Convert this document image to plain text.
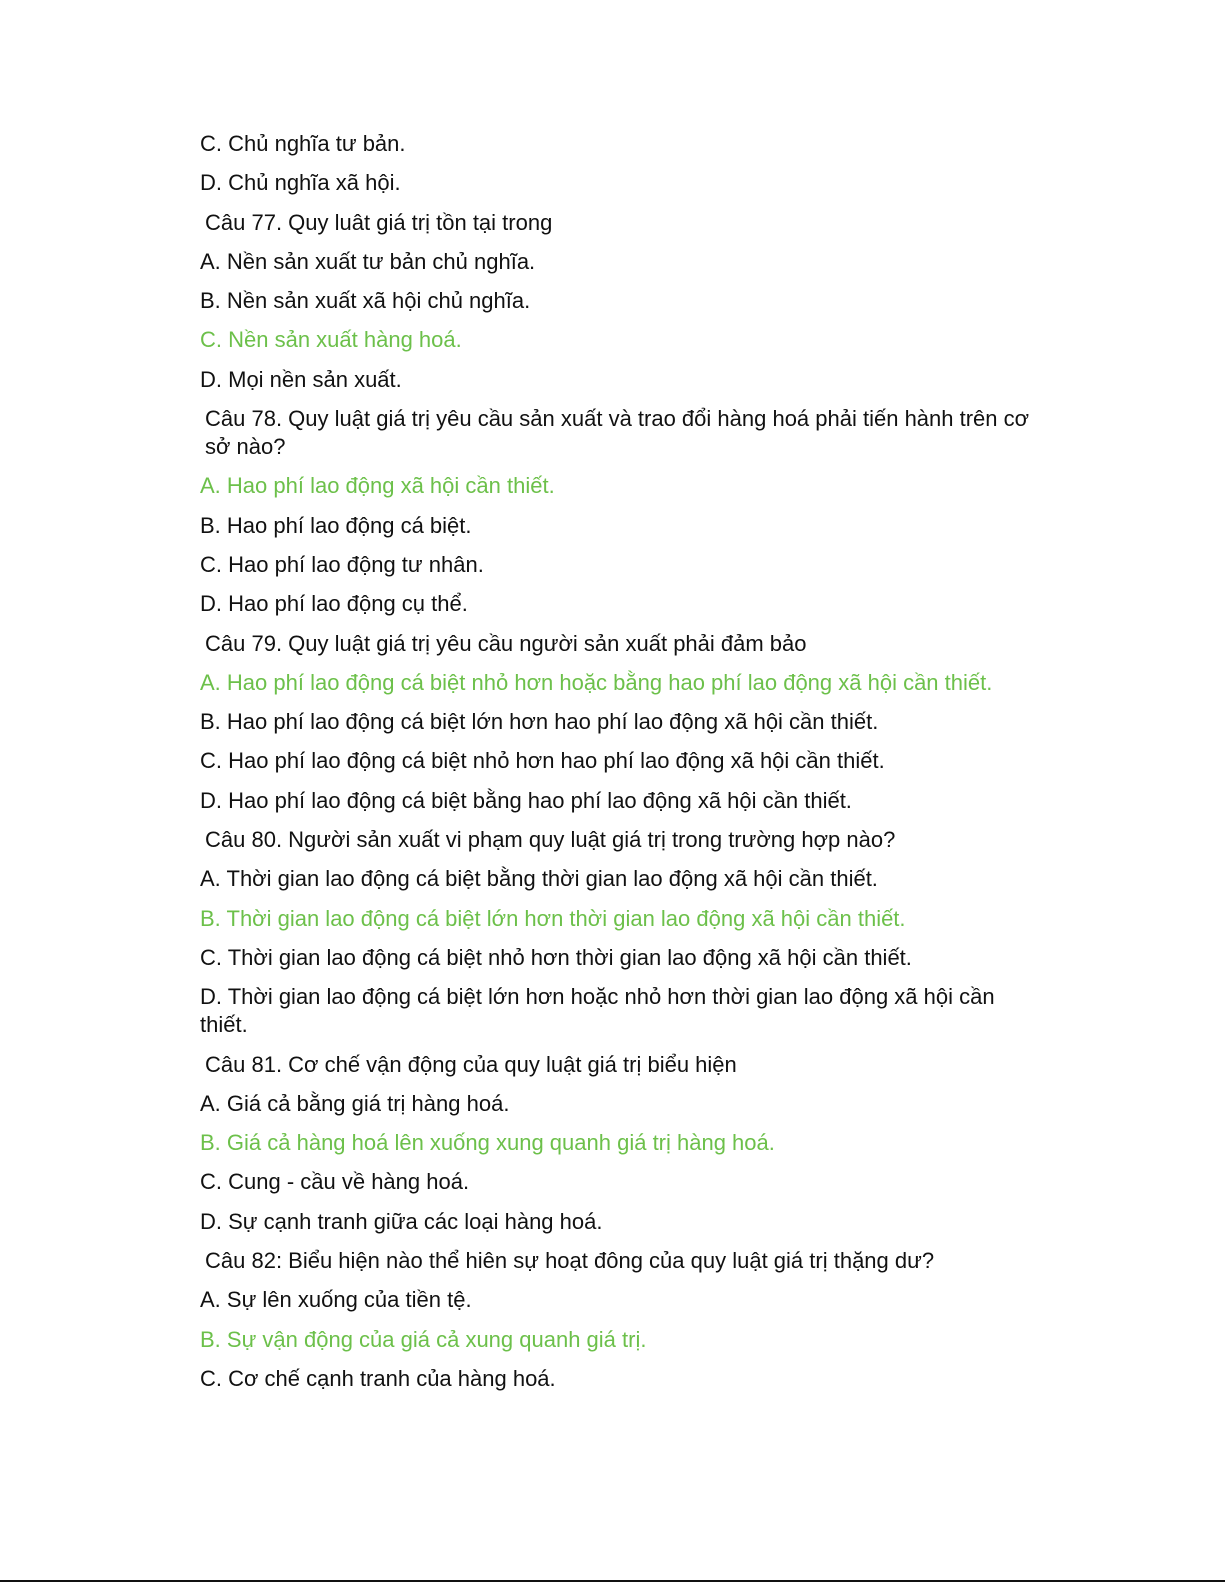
C. Chủ nghĩa tư bản.
D. Chủ nghĩa xã hội.
Câu 77. Quy luât giá trị tồn tại trong
A. Nền sản xuất tư bản chủ nghĩa.
B. Nền sản xuất xã hội chủ nghĩa.
C. Nền sản xuất hàng hoá.
D. Mọi nền sản xuất.
Câu 78. Quy luật giá trị yêu cầu sản xuất và trao đổi hàng hoá phải tiến hành trên cơ sở nào?
A. Hao phí lao động xã hội cần thiết.
B. Hao phí lao động cá biệt.
C. Hao phí lao động tư nhân.
D. Hao phí lao động cụ thể.
Câu 79. Quy luật giá trị yêu cầu người sản xuất phải đảm bảo
A. Hao phí lao động cá biệt nhỏ hơn hoặc bằng hao phí lao động xã hội cần thiết.
B. Hao phí lao động cá biệt lớn hơn hao phí lao động xã hội cần thiết.
C. Hao phí lao động cá biệt nhỏ hơn hao phí lao động xã hội cần thiết.
D. Hao phí lao động cá biệt bằng hao phí lao động xã hội cần thiết.
Câu 80. Người sản xuất vi phạm quy luật giá trị trong trường hợp nào?
A. Thời gian lao động cá biệt bằng thời gian lao động xã hội cần thiết.
B. Thời gian lao động cá biệt lớn hơn thời gian lao động xã hội cần thiết.
C. Thời gian lao động cá biệt nhỏ hơn thời gian lao động xã hội cần thiết.
D. Thời gian lao động cá biệt lớn hơn hoặc nhỏ hơn thời gian lao động xã hội cần thiết.
Câu 81. Cơ chế vận động của quy luật giá trị biểu hiện
A. Giá cả bằng giá trị hàng hoá.
B. Giá cả hàng hoá lên xuống xung quanh giá trị hàng hoá.
C. Cung - cầu về hàng hoá.
D. Sự cạnh tranh giữa các loại hàng hoá.
Câu 82: Biểu hiện nào thể hiên sự hoạt đông của quy luật giá trị thặng dư?
A. Sự lên xuống của tiền tệ.
B. Sự vận động của giá cả xung quanh giá trị.
C. Cơ chế cạnh tranh của hàng hoá.
